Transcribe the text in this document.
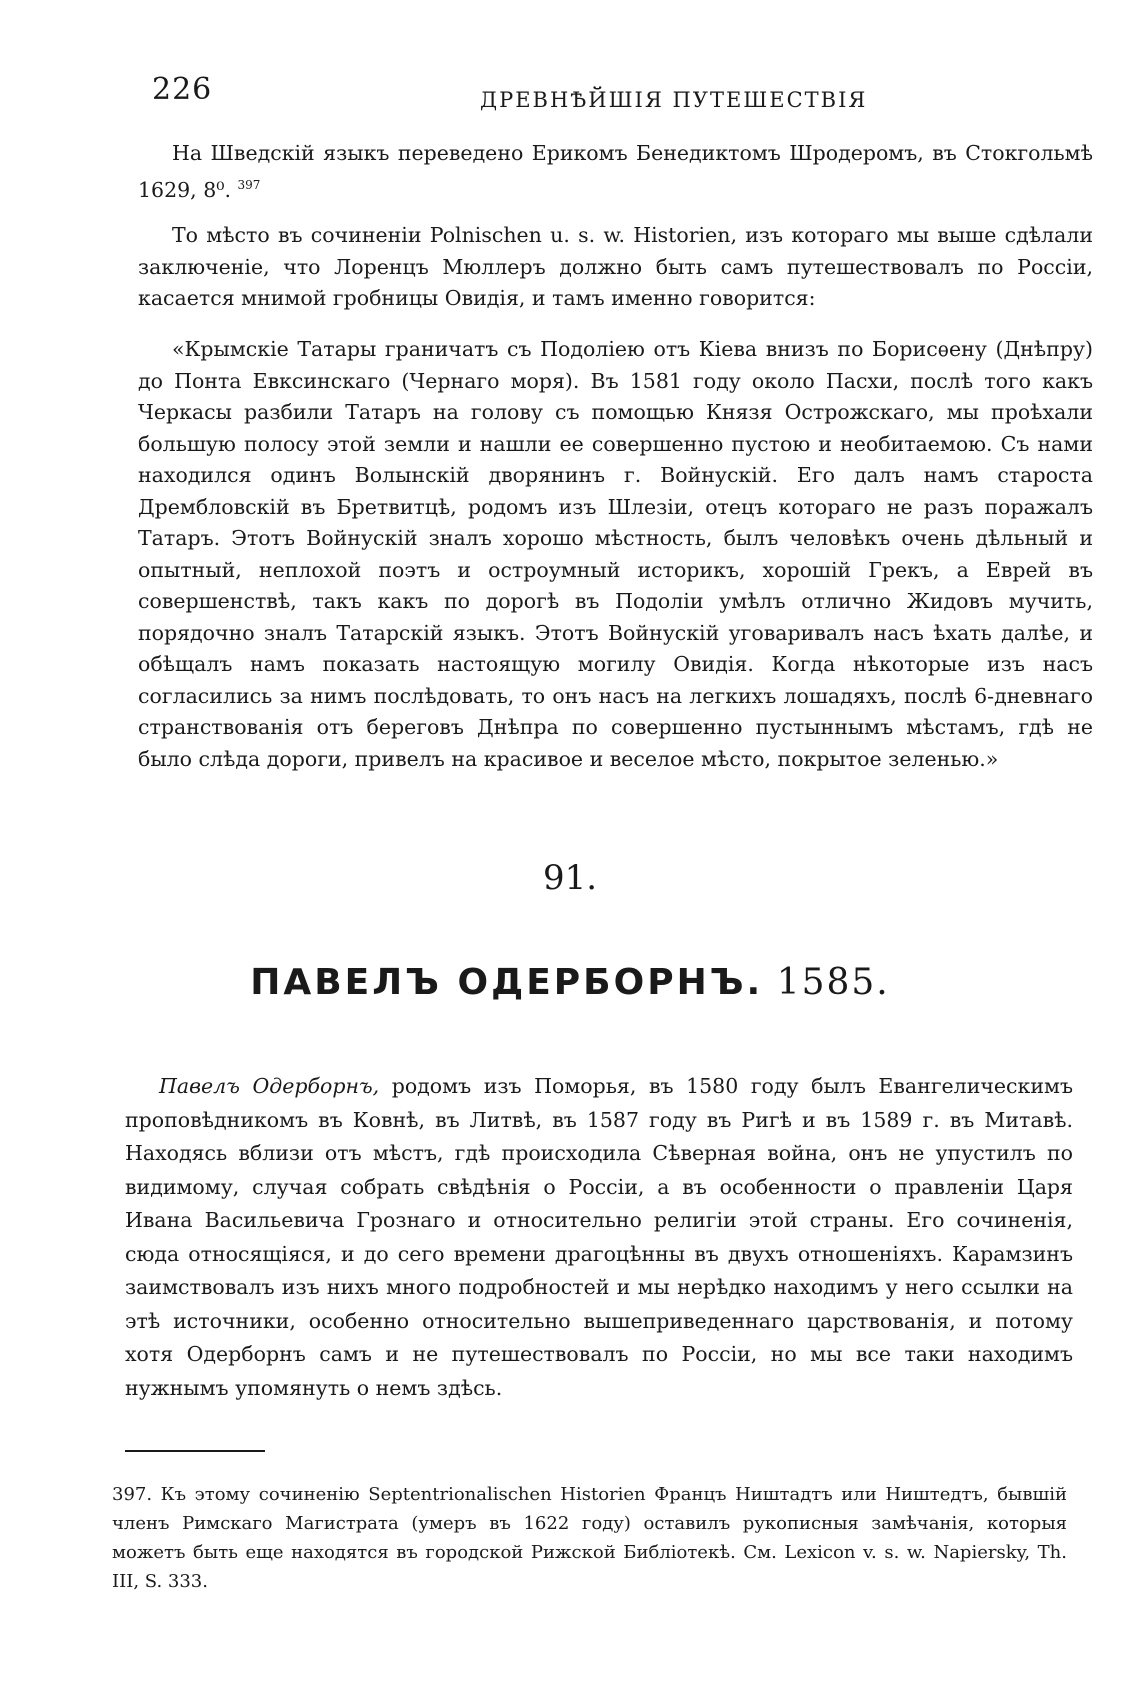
226	ДРЕВНѢЙШІЯ ПУТЕШЕСТВІЯ

На Шведскій языкъ переведено Ерикомъ Бенедиктомъ Шродеромъ, въ Стокгольмѣ 1629, 8⁰. $^{397}$

То мѣсто въ сочиненіи Polnischen u. s. w. Historien, изъ котораго мы выше сдѣлали заключеніе, что Лоренцъ Мюллеръ должно быть самъ путешествовалъ по Россіи, касается мнимой гробницы Овидія, и тамъ именно говорится:

«Крымскіе Татары граничатъ съ Подоліею отъ Кіева внизъ по Борисѳену (Днѣпру) до Понта Евксинскаго (Чернаго моря). Въ 1581 году около Пасхи, послѣ того какъ Черкасы разбили Татаръ на голову съ помощью Князя Острожскаго, мы проѣхали большую полосу этой земли и нашли ее совершенно пустою и необитаемою. Съ нами находился одинъ Волынскій дворянинъ г. Войнускій. Его далъ намъ староста Дрембловскій въ Бретвитцѣ, родомъ изъ Шлезіи, отецъ котораго не разъ поражалъ Татаръ. Этотъ Войнускій зналъ хорошо мѣстность, былъ человѣкъ очень дѣльный и опытный, неплохой поэтъ и остроумный историкъ, хорошій Грекъ, а Еврей въ совершенствѣ, такъ какъ по дорогѣ въ Подоліи умѣлъ отлично Жидовъ мучить, порядочно зналъ Татарскій языкъ. Этотъ Войнускій уговаривалъ насъ ѣхать далѣе, и обѣщалъ намъ показать настоящую могилу Овидія. Когда нѣкоторые изъ насъ согласились за нимъ послѣдовать, то онъ насъ на легкихъ лошадяхъ, послѣ 6-дневнаго странствованія отъ береговъ Днѣпра по совершенно пустыннымъ мѣстамъ, гдѣ не было слѣда дороги, привелъ на красивое и веселое мѣсто, покрытое зеленью.»

91.
ПАВЕЛЪ ОДЕРБОРНЪ. 1585.

Павелъ Одерборнъ, родомъ изъ Поморья, въ 1580 году былъ Евангелическимъ проповѣдникомъ въ Ковнѣ, въ Литвѣ, въ 1587 году въ Ригѣ и въ 1589 г. въ Митавѣ. Находясь вблизи отъ мѣстъ, гдѣ происходила Сѣверная война, онъ не упустилъ по видимому, случая собрать свѣдѣнія о Россіи, а въ особенности о правленіи Царя Ивана Васильевича Грознаго и относительно религіи этой страны. Его сочиненія, сюда относящіяся, и до сего времени драгоцѣнны въ двухъ отношеніяхъ. Карамзинъ заимствовалъ изъ нихъ много подробностей и мы нерѣдко находимъ у него ссылки на этѣ источники, особенно относительно вышеприведеннаго царствованія, и потому хотя Одерборнъ самъ и не путешествовалъ по Россіи, но мы все таки находимъ нужнымъ упомянуть о немъ здѣсь.

397. Къ этому сочиненію Septentrionalischen Historien Францъ Ништадтъ или Ништедтъ, бывшій членъ Римскаго Магистрата (умеръ въ 1622 году) оставилъ рукописныя замѣчанія, которыя можетъ быть еще находятся въ городской Рижской Библіотекѣ. См. Lexicon v. s. w. Napiersky, Th. III, S. 333.
